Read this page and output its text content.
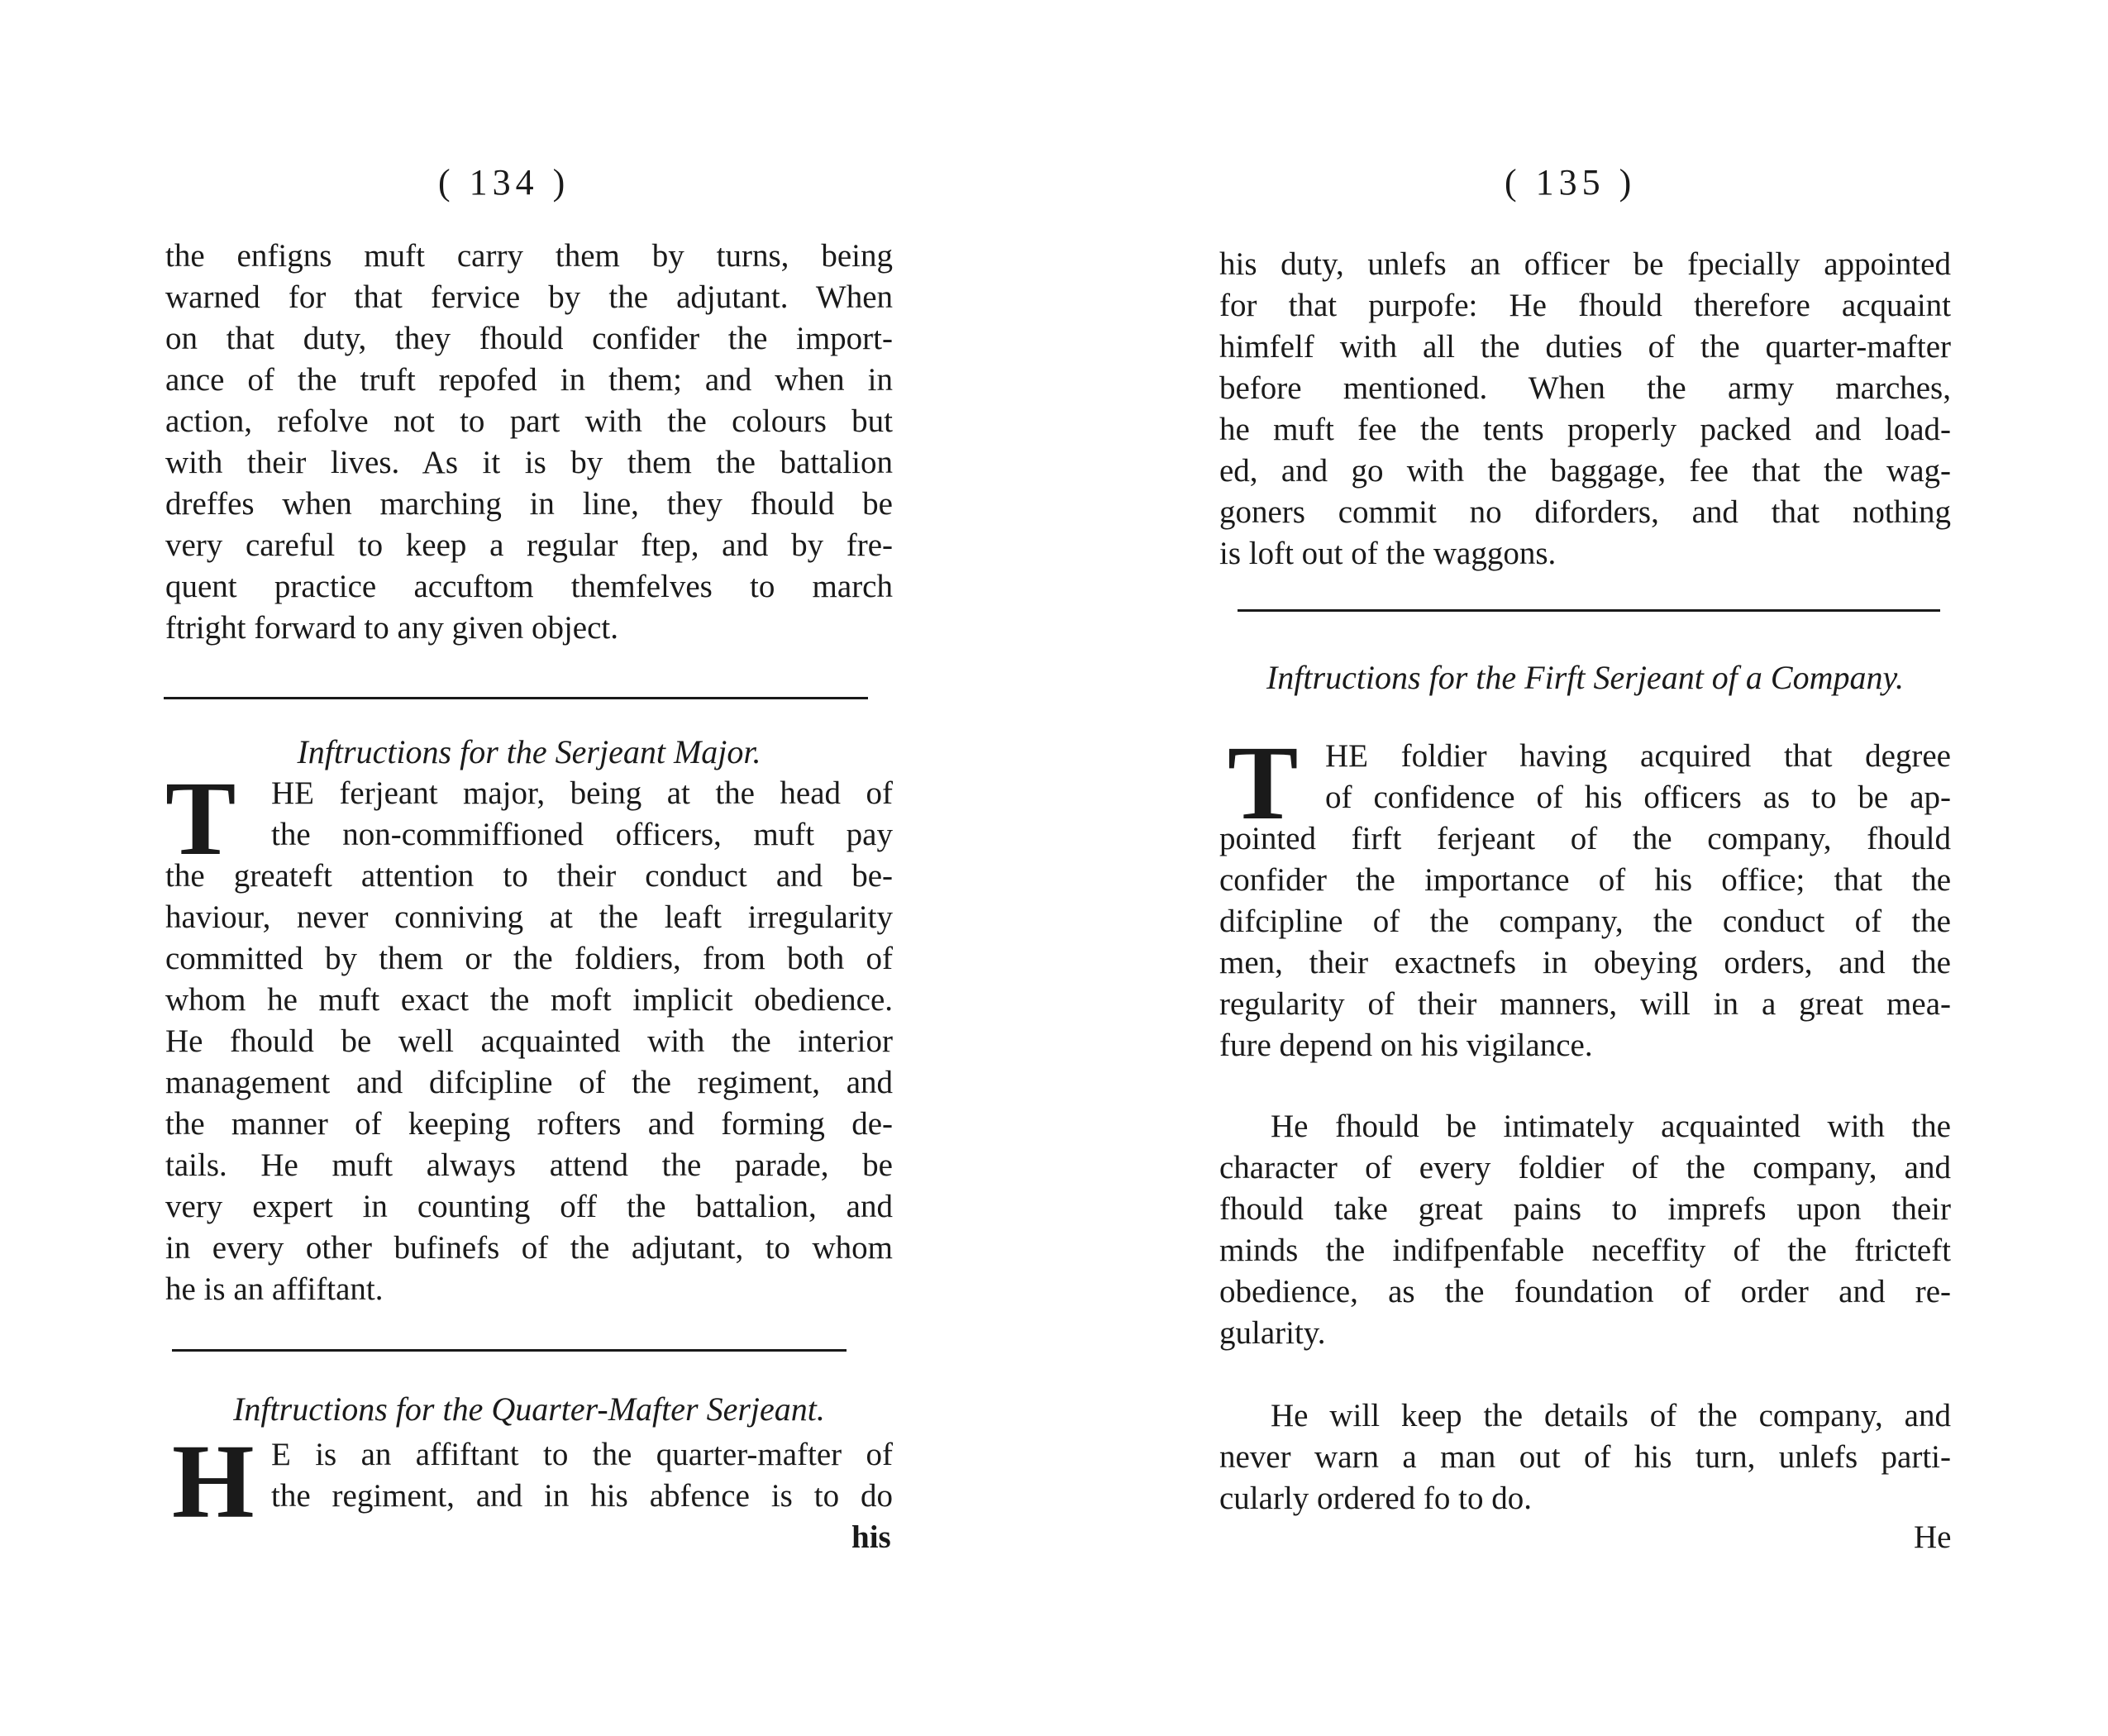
( 134 )
the enfigns muft carry them by turns, being
warned for that fervice by the adjutant. When
on that duty, they fhould confider the import-
ance of the truft repofed in them; and when in
action, refolve not to part with the colours but
with their lives. As it is by them the battalion
dreffes when marching in line, they fhould be
very careful to keep a regular ftep, and by fre-
quent practice accuftom themfelves to march
ftright forward to any given object.
Inftructions for the Serjeant Major.
T	HE ferjeant major, being at the head of
the non-commiffioned officers, muft pay
the greateft attention to their conduct and be-
haviour, never conniving at the leaft irregularity
committed by them or the foldiers, from both of
whom he muft exact the moft implicit obedience.
He fhould be well acquainted with the interior
management and difcipline of the regiment, and
the manner of keeping rofters and forming de-
tails. He muft always attend the parade, be
very expert in counting off the battalion, and
in every other bufinefs of the adjutant, to whom
he is an affiftant.
Inftructions for the Quarter-Mafter Serjeant.
H E is an affiftant to the quarter-mafter of
the regiment, and in his abfence is to do
his
( 135 )
his duty, unlefs an officer be fpecially appointed
for that purpofe: He fhould therefore acquaint
himfelf with all the duties of the quarter-mafter
before mentioned. When the army marches,
he muft fee the tents properly packed and load-
ed, and go with the baggage, fee that the wag-
goners commit no diforders, and that nothing
is loft out of the waggons.
Inftructions for the Firft Serjeant of a Company.
T HE foldier having acquired that degree
of confidence of his officers as to be ap-
pointed firft ferjeant of the company, fhould
confider the importance of his office; that the
difcipline of the company, the conduct of the
men, their exactnefs in obeying orders, and the
regularity of their manners, will in a great mea-
fure depend on his vigilance.
He fhould be intimately acquainted with the
character of every foldier of the company, and
fhould take great pains to imprefs upon their
minds the indifpenfable neceffity of the ftricteft
obedience, as the foundation of order and re-
gularity.
He will keep the details of the company, and
never warn a man out of his turn, unlefs parti-
cularly ordered fo to do.
He
